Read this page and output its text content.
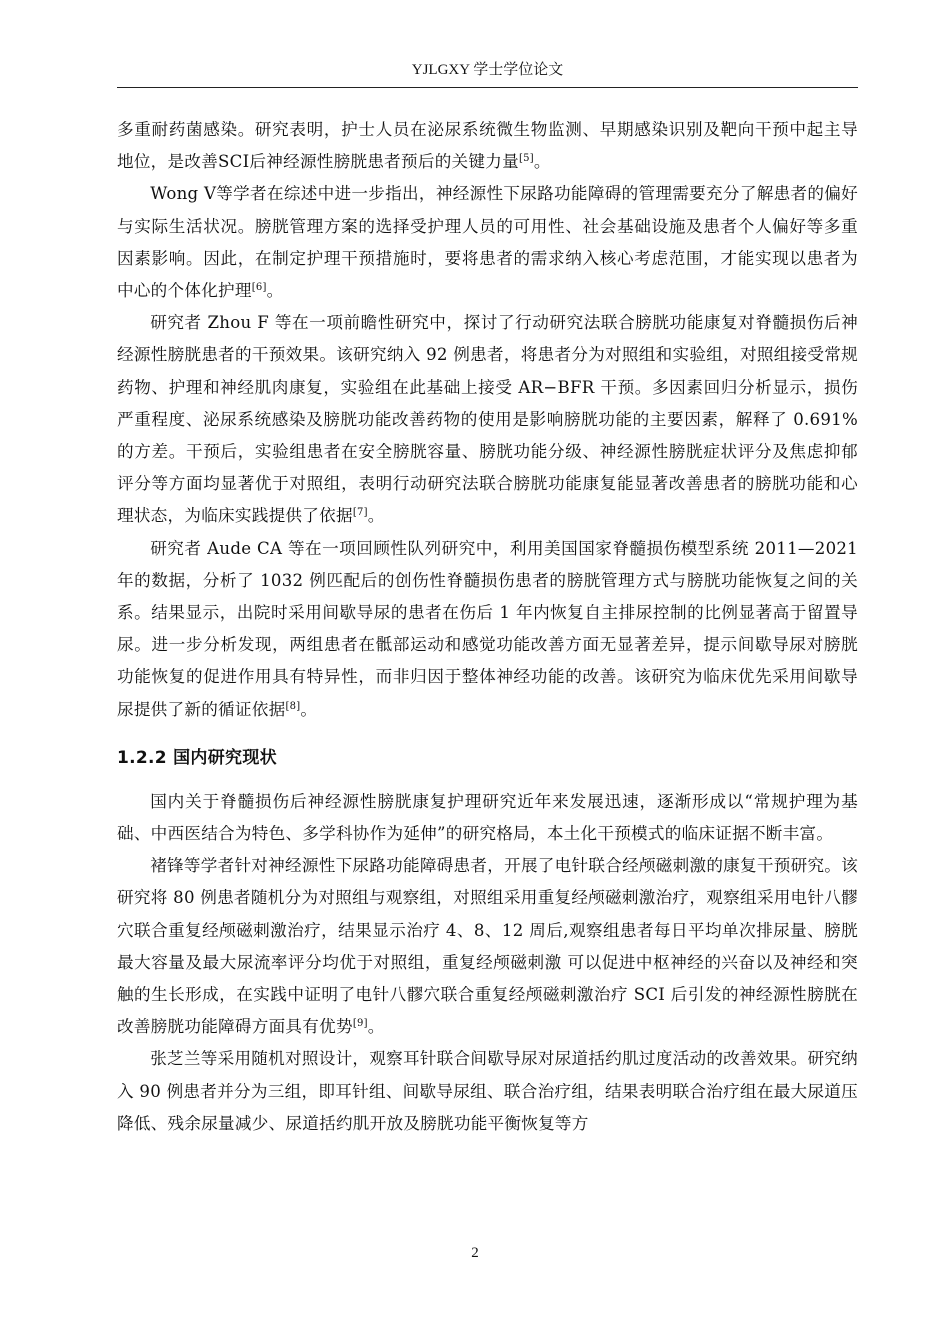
YJLGXY 学士学位论文

多重耐药菌感染。研究表明，护士人员在泌尿系统微生物监测、早期感染识别及靶向干预中起主导地位，是改善SCI后神经源性膀胱患者预后的关键力量[5]。

Wong V等学者在综述中进一步指出，神经源性下尿路功能障碍的管理需要充分了解患者的偏好与实际生活状况。膀胱管理方案的选择受护理人员的可用性、社会基础设施及患者个人偏好等多重因素影响。因此，在制定护理干预措施时，要将患者的需求纳入核心考虑范围，才能实现以患者为中心的个体化护理[6]。

研究者 Zhou F 等在一项前瞻性研究中，探讨了行动研究法联合膀胱功能康复对脊髓损伤后神经源性膀胱患者的干预效果。该研究纳入 92 例患者，将患者分为对照组和实验组，对照组接受常规药物、护理和神经肌肉康复，实验组在此基础上接受 AR−BFR 干预。多因素回归分析显示，损伤严重程度、泌尿系统感染及膀胱功能改善药物的使用是影响膀胱功能的主要因素，解释了 0.691%的方差。干预后，实验组患者在安全膀胱容量、膀胱功能分级、神经源性膀胱症状评分及焦虑抑郁评分等方面均显著优于对照组，表明行动研究法联合膀胱功能康复能显著改善患者的膀胱功能和心理状态，为临床实践提供了依据[7]。

研究者 Aude CA 等在一项回顾性队列研究中，利用美国国家脊髓损伤模型系统 2011—2021 年的数据，分析了 1032 例匹配后的创伤性脊髓损伤患者的膀胱管理方式与膀胱功能恢复之间的关系。结果显示，出院时采用间歇导尿的患者在伤后 1 年内恢复自主排尿控制的比例显著高于留置导尿。进一步分析发现，两组患者在骶部运动和感觉功能改善方面无显著差异，提示间歇导尿对膀胱功能恢复的促进作用具有特异性，而非归因于整体神经功能的改善。该研究为临床优先采用间歇导尿提供了新的循证依据[8]。

1.2.2 国内研究现状

国内关于脊髓损伤后神经源性膀胱康复护理研究近年来发展迅速，逐渐形成以“常规护理为基础、中西医结合为特色、多学科协作为延伸”的研究格局，本土化干预模式的临床证据不断丰富。

褚锋等学者针对神经源性下尿路功能障碍患者，开展了电针联合经颅磁刺激的康复干预研究。该研究将 80 例患者随机分为对照组与观察组，对照组采用重复经颅磁刺激治疗，观察组采用电针八髎穴联合重复经颅磁刺激治疗，结果显示治疗 4、8、12 周后,观察组患者每日平均单次排尿量、膀胱最大容量及最大尿流率评分均优于对照组，重复经颅磁刺激 可以促进中枢神经的兴奋以及神经和突触的生长形成，在实践中证明了电针八髎穴联合重复经颅磁刺激治疗 SCI 后引发的神经源性膀胱在改善膀胱功能障碍方面具有优势[9]。

张芝兰等采用随机对照设计，观察耳针联合间歇导尿对尿道括约肌过度活动的改善效果。研究纳入 90 例患者并分为三组，即耳针组、间歇导尿组、联合治疗组，结果表明联合治疗组在最大尿道压降低、残余尿量减少、尿道括约肌开放及膀胱功能平衡恢复等方

2
